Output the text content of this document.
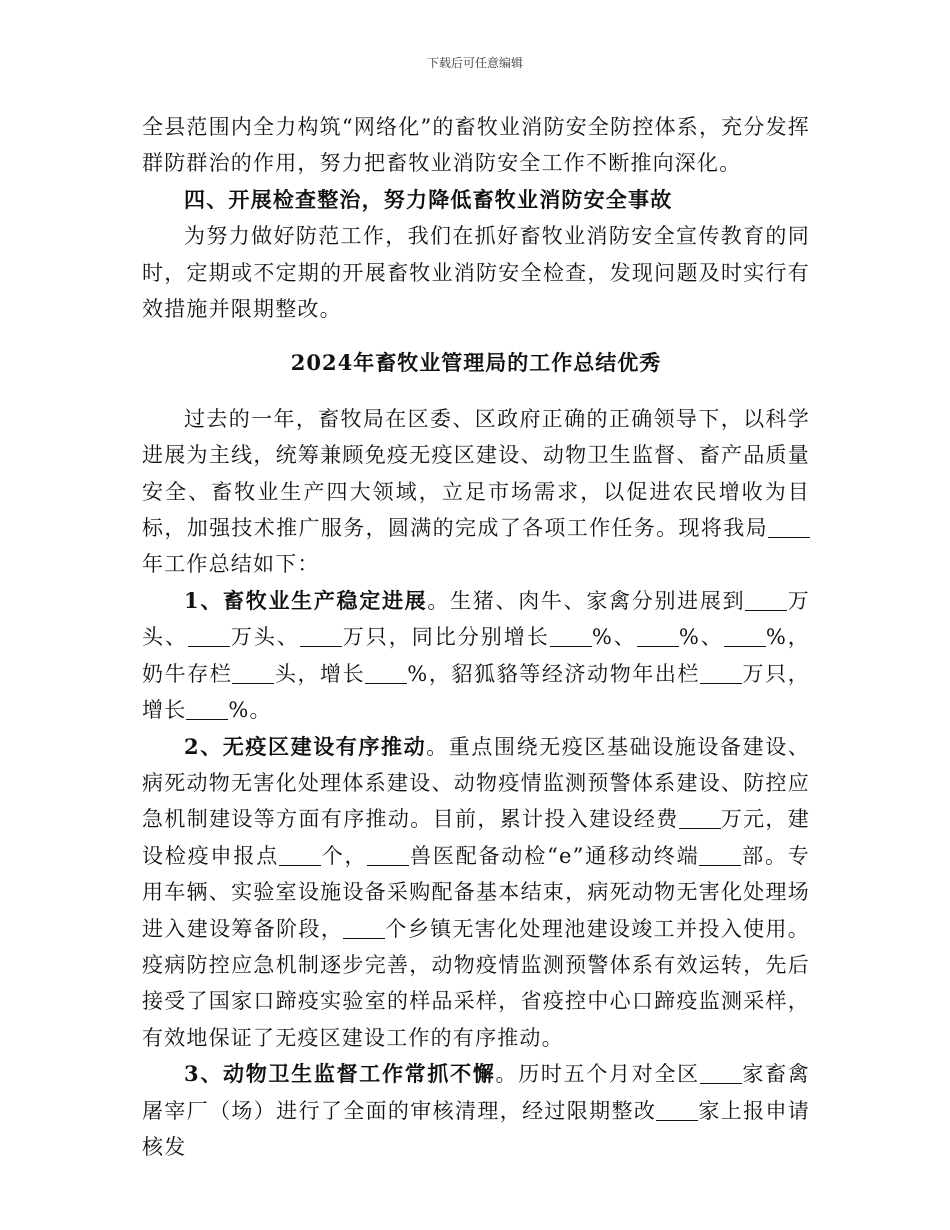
下载后可任意编辑

全县范围内全力构筑“网络化”的畜牧业消防安全防控体系，充分发挥群防群治的作用，努力把畜牧业消防安全工作不断推向深化。

四、开展检查整治，努力降低畜牧业消防安全事故

为努力做好防范工作，我们在抓好畜牧业消防安全宣传教育的同时，定期或不定期的开展畜牧业消防安全检查，发现问题及时实行有效措施并限期整改。

2024年畜牧业管理局的工作总结优秀

过去的一年，畜牧局在区委、区政府正确的正确领导下，以科学进展为主线，统筹兼顾免疫无疫区建设、动物卫生监督、畜产品质量安全、畜牧业生产四大领域，立足市场需求，以促进农民增收为目标，加强技术推广服务，圆满的完成了各项工作任务。现将我局年工作总结如下：

1、畜牧业生产稳定进展。生猪、肉牛、家禽分别进展到 万头、 万头、 万只，同比分别增长 %、 %、 %，奶牛存栏 头，增长 %，貂狐貉等经济动物年出栏 万只，增长 %。

2、无疫区建设有序推动。重点围绕无疫区基础设施设备建设、病死动物无害化处理体系建设、动物疫情监测预警体系建设、防控应急机制建设等方面有序推动。目前，累计投入建设经费 万元，建设检疫申报点 个， 兽医配备动检“e”通移动终端 部。专用车辆、实验室设施设备采购配备基本结束，病死动物无害化处理场进入建设筹备阶段， 个乡镇无害化处理池建设竣工并投入使用。疫病防控应急机制逐步完善，动物疫情监测预警体系有效运转，先后接受了国家口蹄疫实验室的样品采样，省疫控中心口蹄疫监测采样，有效地保证了无疫区建设工作的有序推动。

3、动物卫生监督工作常抓不懈。历时五个月对全区 家畜禽屠宰厂（场）进行了全面的审核清理，经过限期整改 家上报申请核发
